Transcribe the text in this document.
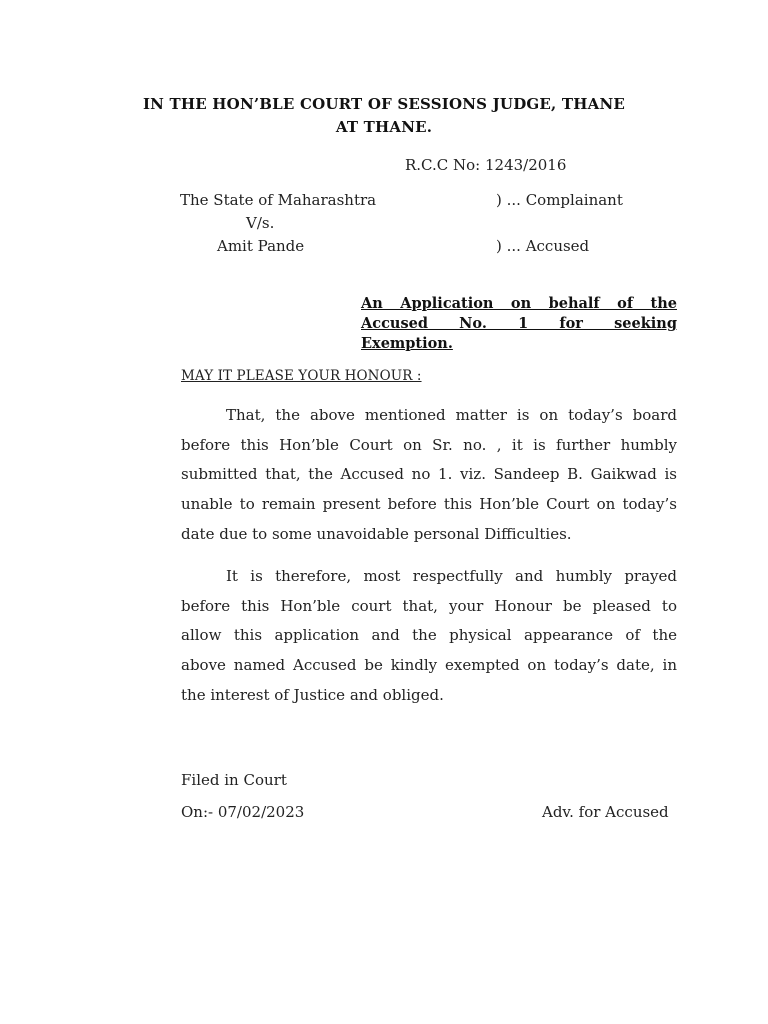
IN THE HON’BLE COURT OF SESSIONS JUDGE, THANE
AT THANE.
R.C.C No: 1243/2016
The State of Maharashtra	) ... Complainant
V/s.
Amit Pande	) ... Accused
An Application on behalf of the
Accused No. 1 for seeking
Exemption.
MAY IT PLEASE YOUR HONOUR :
That, the above mentioned matter is on today’s board
before this Hon’ble Court on Sr. no. , it is further humbly
submitted that, the Accused no 1. viz. Sandeep B. Gaikwad is
unable to remain present before this Hon’ble Court on today’s
date due to some unavoidable personal Difficulties.
It is therefore, most respectfully and humbly prayed
before this Hon’ble court that, your Honour be pleased to
allow this application and the physical appearance of the
above named Accused be kindly exempted on today’s date, in
the interest of Justice and obliged.
Filed in Court
On:- 07/02/2023	Adv. for Accused
